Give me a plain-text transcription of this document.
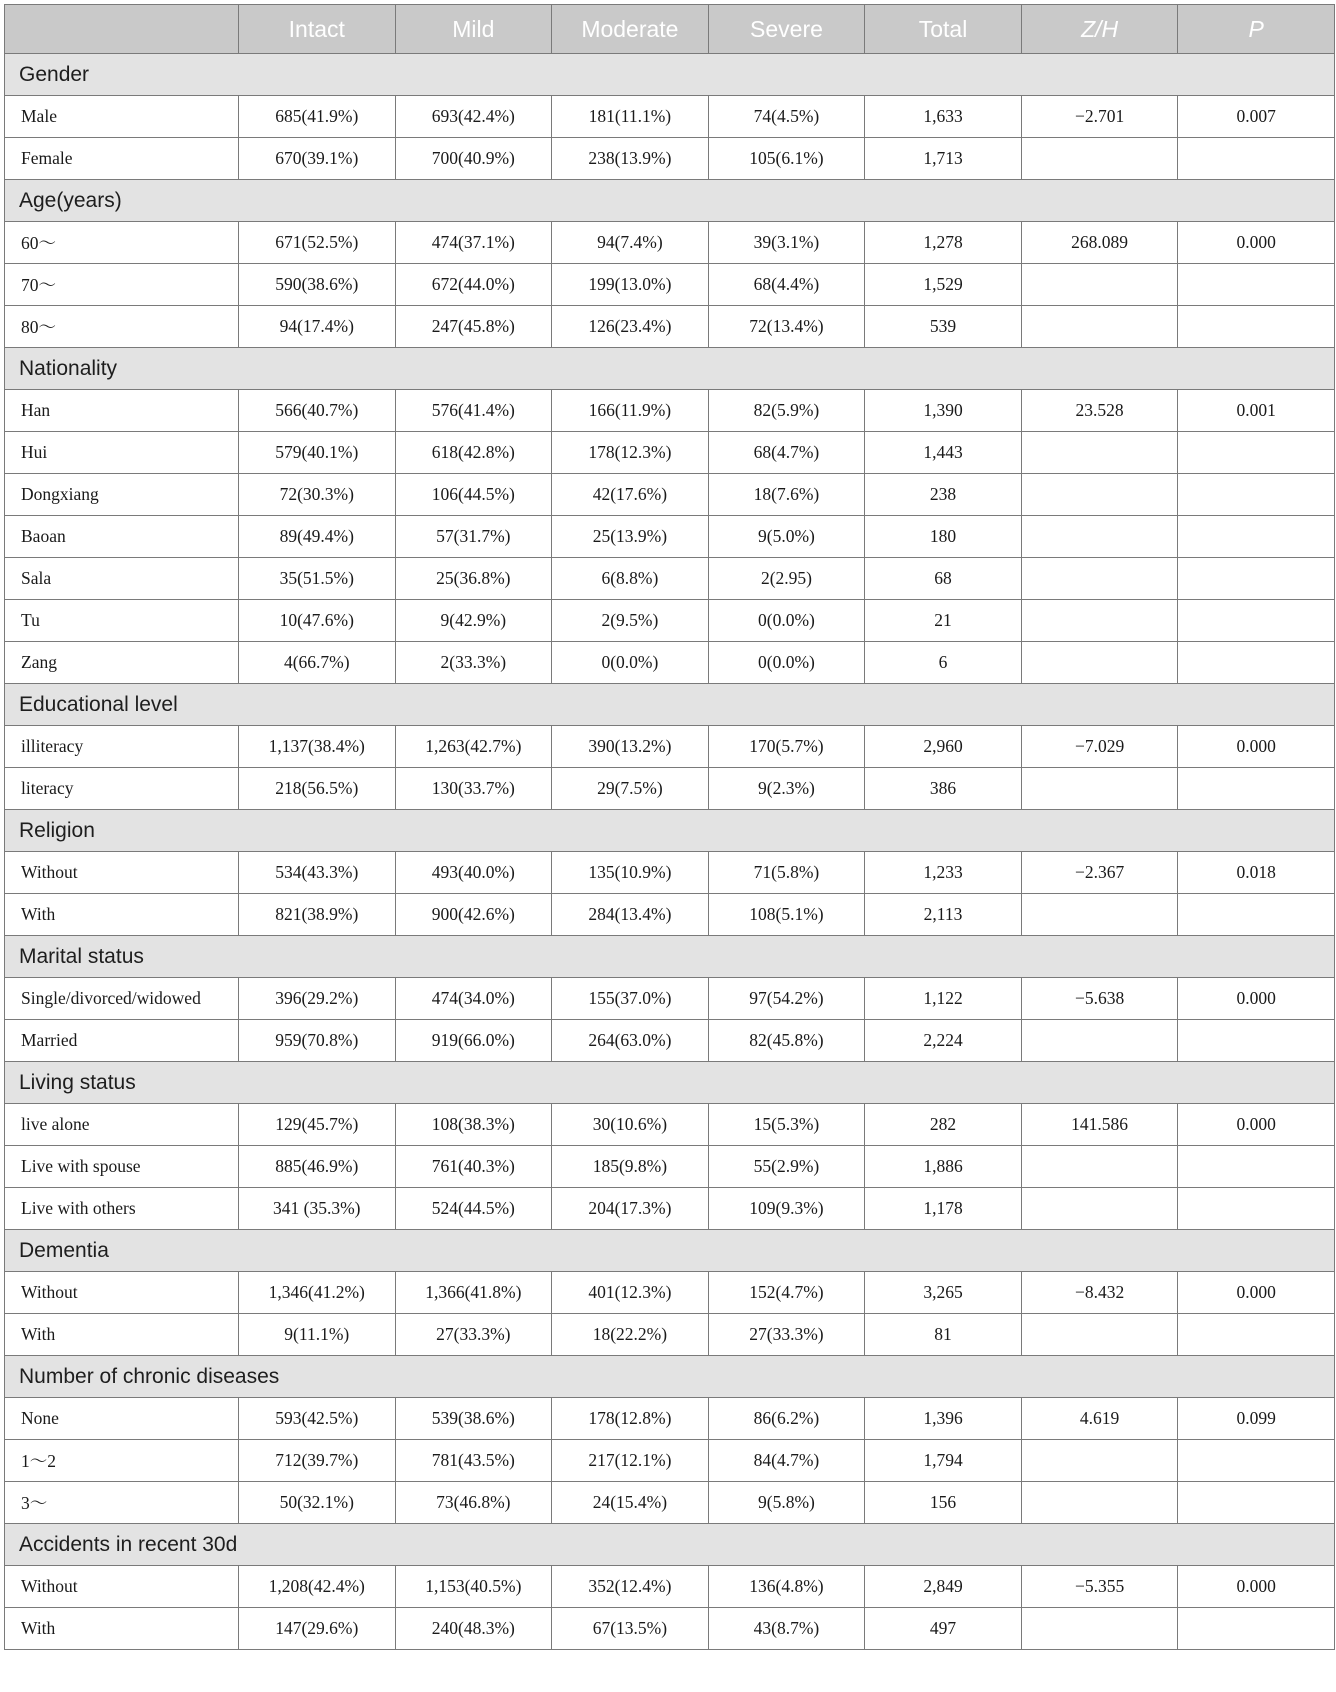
	Intact	Mild	Moderate	Severe	Total	Z/H	P
Gender							
Male	685(41.9%)	693(42.4%)	181(11.1%)	74(4.5%)	1,633	−2.701	0.007
Female	670(39.1%)	700(40.9%)	238(13.9%)	105(6.1%)	1,713		
Age(years)							
60～	671(52.5%)	474(37.1%)	94(7.4%)	39(3.1%)	1,278	268.089	0.000
70～	590(38.6%)	672(44.0%)	199(13.0%)	68(4.4%)	1,529		
80～	94(17.4%)	247(45.8%)	126(23.4%)	72(13.4%)	539		
Nationality							
Han	566(40.7%)	576(41.4%)	166(11.9%)	82(5.9%)	1,390	23.528	0.001
Hui	579(40.1%)	618(42.8%)	178(12.3%)	68(4.7%)	1,443		
Dongxiang	72(30.3%)	106(44.5%)	42(17.6%)	18(7.6%)	238		
Baoan	89(49.4%)	57(31.7%)	25(13.9%)	9(5.0%)	180		
Sala	35(51.5%)	25(36.8%)	6(8.8%)	2(2.95)	68		
Tu	10(47.6%)	9(42.9%)	2(9.5%)	0(0.0%)	21		
Zang	4(66.7%)	2(33.3%)	0(0.0%)	0(0.0%)	6		
Educational level							
illiteracy	1,137(38.4%)	1,263(42.7%)	390(13.2%)	170(5.7%)	2,960	−7.029	0.000
literacy	218(56.5%)	130(33.7%)	29(7.5%)	9(2.3%)	386		
Religion							
Without	534(43.3%)	493(40.0%)	135(10.9%)	71(5.8%)	1,233	−2.367	0.018
With	821(38.9%)	900(42.6%)	284(13.4%)	108(5.1%)	2,113		
Marital status							
Single/divorced/widowed	396(29.2%)	474(34.0%)	155(37.0%)	97(54.2%)	1,122	−5.638	0.000
Married	959(70.8%)	919(66.0%)	264(63.0%)	82(45.8%)	2,224		
Living status							
live alone	129(45.7%)	108(38.3%)	30(10.6%)	15(5.3%)	282	141.586	0.000
Live with spouse	885(46.9%)	761(40.3%)	185(9.8%)	55(2.9%)	1,886		
Live with others	341 (35.3%)	524(44.5%)	204(17.3%)	109(9.3%)	1,178		
Dementia							
Without	1,346(41.2%)	1,366(41.8%)	401(12.3%)	152(4.7%)	3,265	−8.432	0.000
With	9(11.1%)	27(33.3%)	18(22.2%)	27(33.3%)	81		
Number of chronic diseases							
None	593(42.5%)	539(38.6%)	178(12.8%)	86(6.2%)	1,396	4.619	0.099
1～2	712(39.7%)	781(43.5%)	217(12.1%)	84(4.7%)	1,794		
3～	50(32.1%)	73(46.8%)	24(15.4%)	9(5.8%)	156		
Accidents in recent 30d							
Without	1,208(42.4%)	1,153(40.5%)	352(12.4%)	136(4.8%)	2,849	−5.355	0.000
With	147(29.6%)	240(48.3%)	67(13.5%)	43(8.7%)	497		
